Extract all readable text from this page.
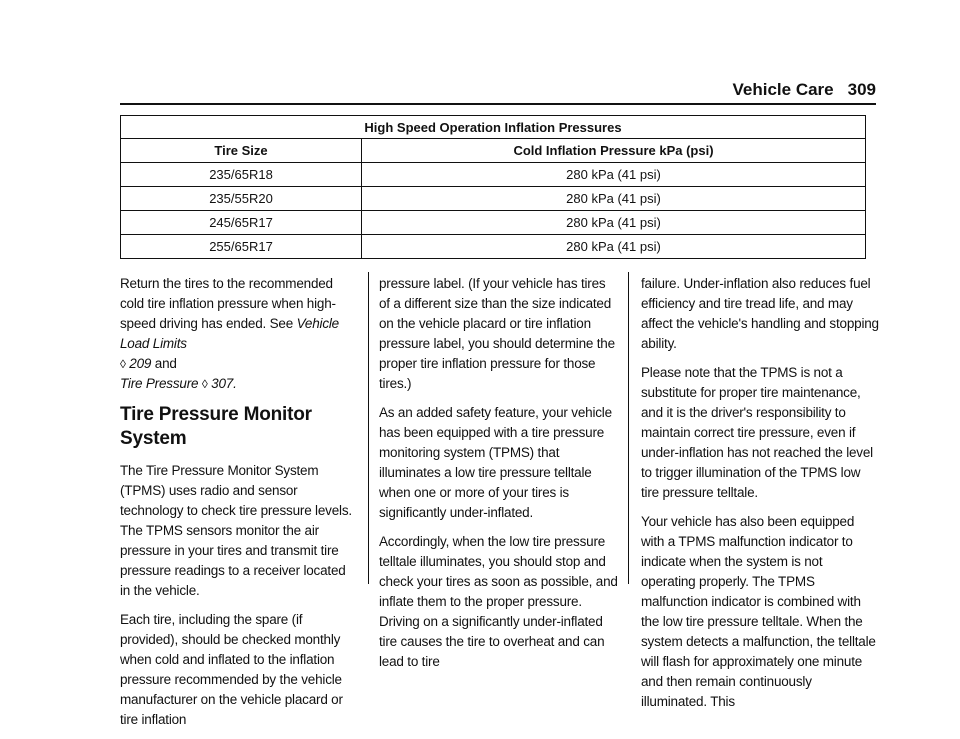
Vehicle Care 309
High Speed Operation Inflation Pressures	
Tire Size	Cold Inflation Pressure kPa (psi)
235/65R18	280 kPa (41 psi)
235/55R20	280 kPa (41 psi)
245/65R17	280 kPa (41 psi)
255/65R17	280 kPa (41 psi)

Return the tires to the recommended cold tire inflation pressure when high-speed driving has ended. See Vehicle Load Limits
◊ 209 and
Tire Pressure ◊ 307.

Tire Pressure Monitor System

The Tire Pressure Monitor System (TPMS) uses radio and sensor technology to check tire pressure levels. The TPMS sensors monitor the air pressure in your tires and transmit tire pressure readings to a receiver located in the vehicle.

Each tire, including the spare (if provided), should be checked monthly when cold and inflated to the inflation pressure recommended by the vehicle manufacturer on the vehicle placard or tire inflation

pressure label. (If your vehicle has tires of a different size than the size indicated on the vehicle placard or tire inflation pressure label, you should determine the proper tire inflation pressure for those tires.)

As an added safety feature, your vehicle has been equipped with a tire pressure monitoring system (TPMS) that illuminates a low tire pressure telltale when one or more of your tires is significantly under-inflated.

Accordingly, when the low tire pressure telltale illuminates, you should stop and check your tires as soon as possible, and inflate them to the proper pressure. Driving on a significantly under-inflated tire causes the tire to overheat and can lead to tire

failure. Under-inflation also reduces fuel efficiency and tire tread life, and may affect the vehicle's handling and stopping ability.

Please note that the TPMS is not a substitute for proper tire maintenance, and it is the driver's responsibility to maintain correct tire pressure, even if under-inflation has not reached the level to trigger illumination of the TPMS low tire pressure telltale.

Your vehicle has also been equipped with a TPMS malfunction indicator to indicate when the system is not operating properly. The TPMS malfunction indicator is combined with the low tire pressure telltale. When the system detects a malfunction, the telltale will flash for approximately one minute and then remain continuously illuminated. This
